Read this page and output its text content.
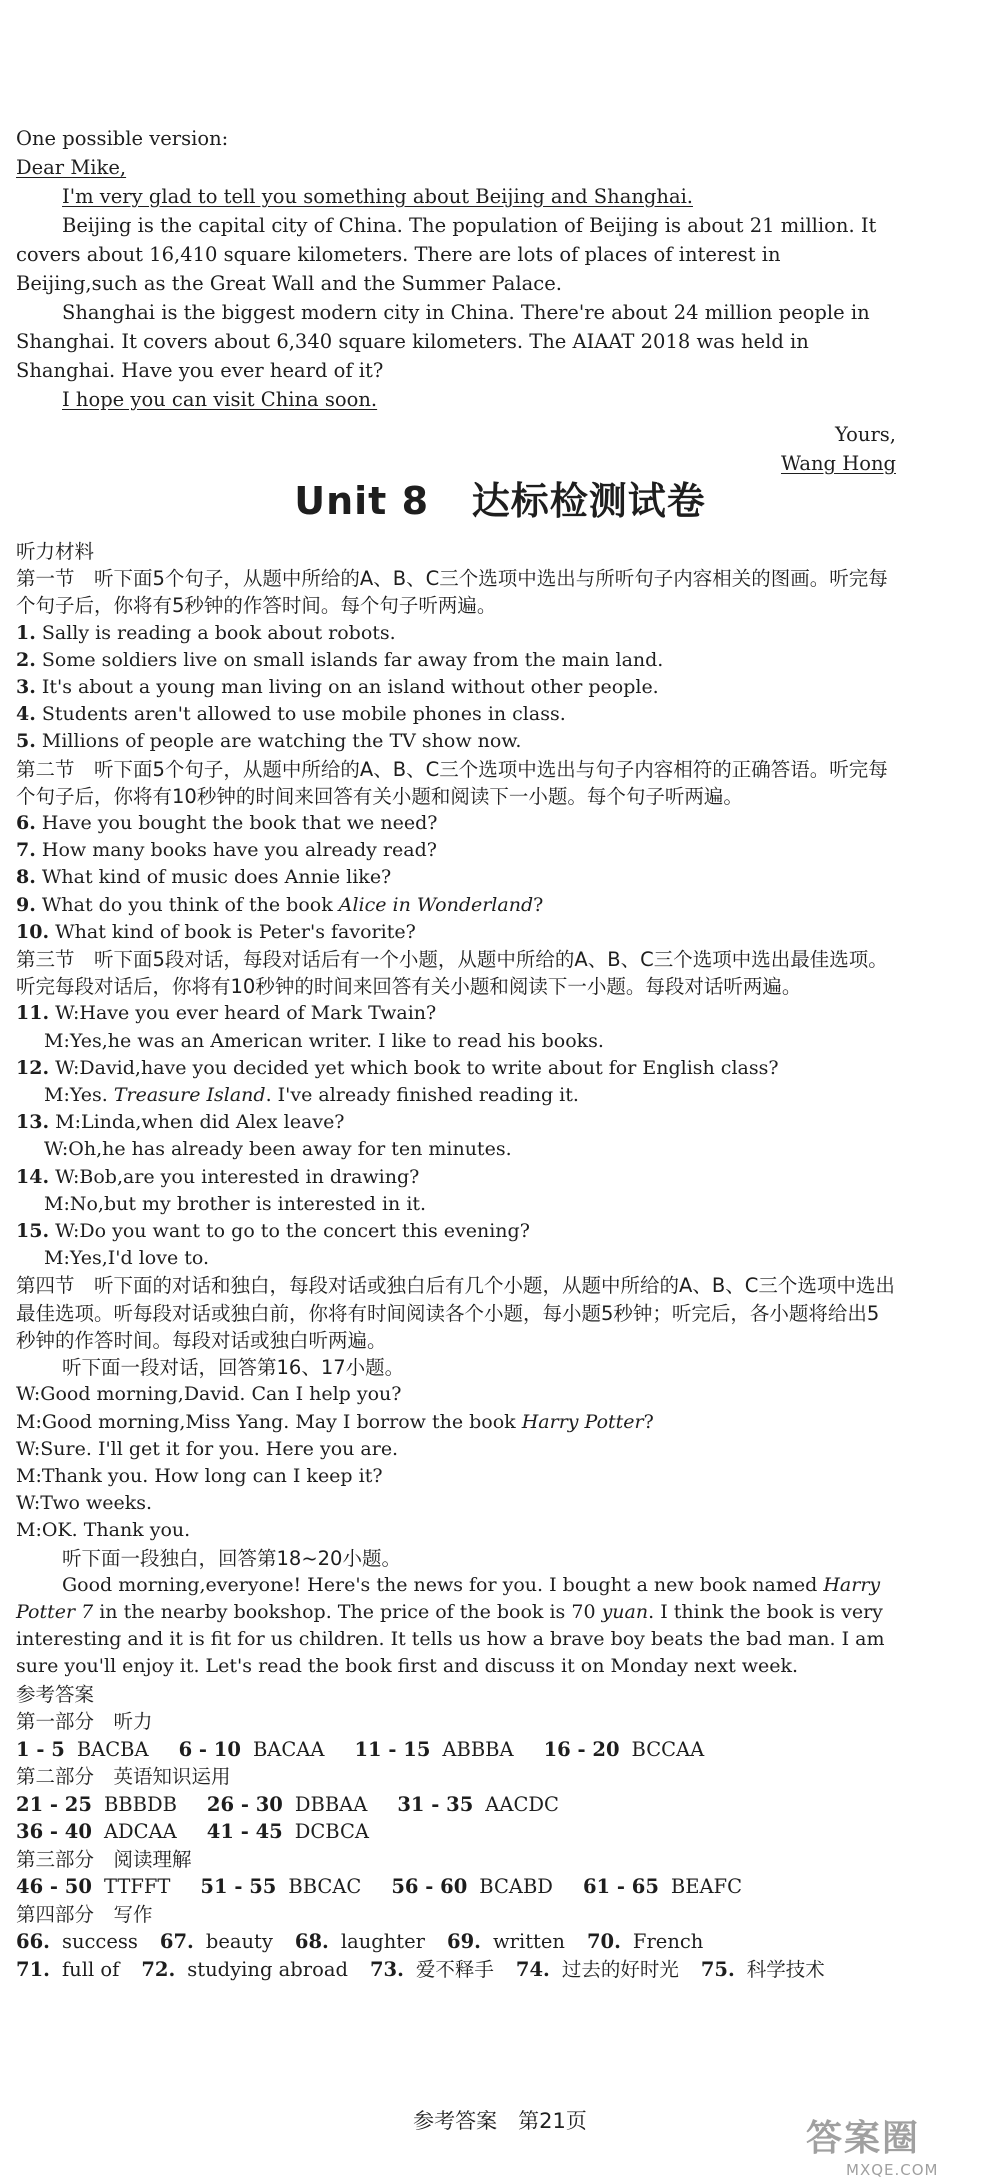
One possible version:

Dear Mike,

I'm very glad to tell you something about Beijing and Shanghai.

Beijing is the capital city of China. The population of Beijing is about 21 million. It covers about 16,410 square kilometers. There are lots of places of interest in Beijing,such as the Great Wall and the Summer Palace.

Shanghai is the biggest modern city in China. There're about 24 million people in Shanghai. It covers about 6,340 square kilometers. The AIAAT 2018 was held in Shanghai. Have you ever heard of it?

I hope you can visit China soon.

Yours,

Wang Hong

Unit 8 达标检测试卷

听力材料

第一节　听下面5个句子，从题中所给的A、B、C三个选项中选出与所听句子内容相关的图画。听完每个句子后，你将有5秒钟的作答时间。每个句子听两遍。

1. Sally is reading a book about robots.

2. Some soldiers live on small islands far away from the main land.

3. It's about a young man living on an island without other people.

4. Students aren't allowed to use mobile phones in class.

5. Millions of people are watching the TV show now.

第二节　听下面5个句子，从题中所给的A、B、C三个选项中选出与句子内容相符的正确答语。听完每个句子后，你将有10秒钟的时间来回答有关小题和阅读下一小题。每个句子听两遍。

6. Have you bought the book that we need?

7. How many books have you already read?

8. What kind of music does Annie like?

9. What do you think of the book Alice in Wonderland?

10. What kind of book is Peter's favorite?

第三节　听下面5段对话，每段对话后有一个小题，从题中所给的A、B、C三个选项中选出最佳选项。听完每段对话后，你将有10秒钟的时间来回答有关小题和阅读下一小题。每段对话听两遍。

11. W:Have you ever heard of Mark Twain?

M:Yes,he was an American writer. I like to read his books.

12. W:David,have you decided yet which book to write about for English class?

M:Yes. Treasure Island. I've already finished reading it.

13. M:Linda,when did Alex leave?

W:Oh,he has already been away for ten minutes.

14. W:Bob,are you interested in drawing?

M:No,but my brother is interested in it.

15. W:Do you want to go to the concert this evening?

M:Yes,I'd love to.

第四节　听下面的对话和独白，每段对话或独白后有几个小题，从题中所给的A、B、C三个选项中选出最佳选项。听每段对话或独白前，你将有时间阅读各个小题，每小题5秒钟；听完后，各小题将给出5秒钟的作答时间。每段对话或独白听两遍。

听下面一段对话，回答第16、17小题。

W:Good morning,David. Can I help you?

M:Good morning,Miss Yang. May I borrow the book Harry Potter?

W:Sure. I'll get it for you. Here you are.

M:Thank you. How long can I keep it?

W:Two weeks.

M:OK. Thank you.

听下面一段独白，回答第18~20小题。

Good morning,everyone! Here's the news for you. I bought a new book named Harry Potter 7 in the nearby bookshop. The price of the book is 70 yuan. I think the book is very interesting and it is fit for us children. It tells us how a brave boy beats the bad man. I am sure you'll enjoy it. Let's read the book first and discuss it on Monday next week.

参考答案

第一部分　听力

1 - 5 BACBA 6 - 10 BACAA 11 - 15 ABBBA 16 - 20 BCCAA

第二部分　英语知识运用

21 - 25 BBBDB 26 - 30 DBBAA 31 - 35 AACDC

36 - 40 ADCAA 41 - 45 DCBCA

第三部分　阅读理解

46 - 50 TTFFT 51 - 55 BBCAC 56 - 60 BCABD 61 - 65 BEAFC

第四部分　写作

66. success 67. beauty 68. laughter 69. written 70. French

71. full of 72. studying abroad 73. 爱不释手 74. 过去的好时光 75. 科学技术

参考答案　第21页	答案圈
MXQE.COM
